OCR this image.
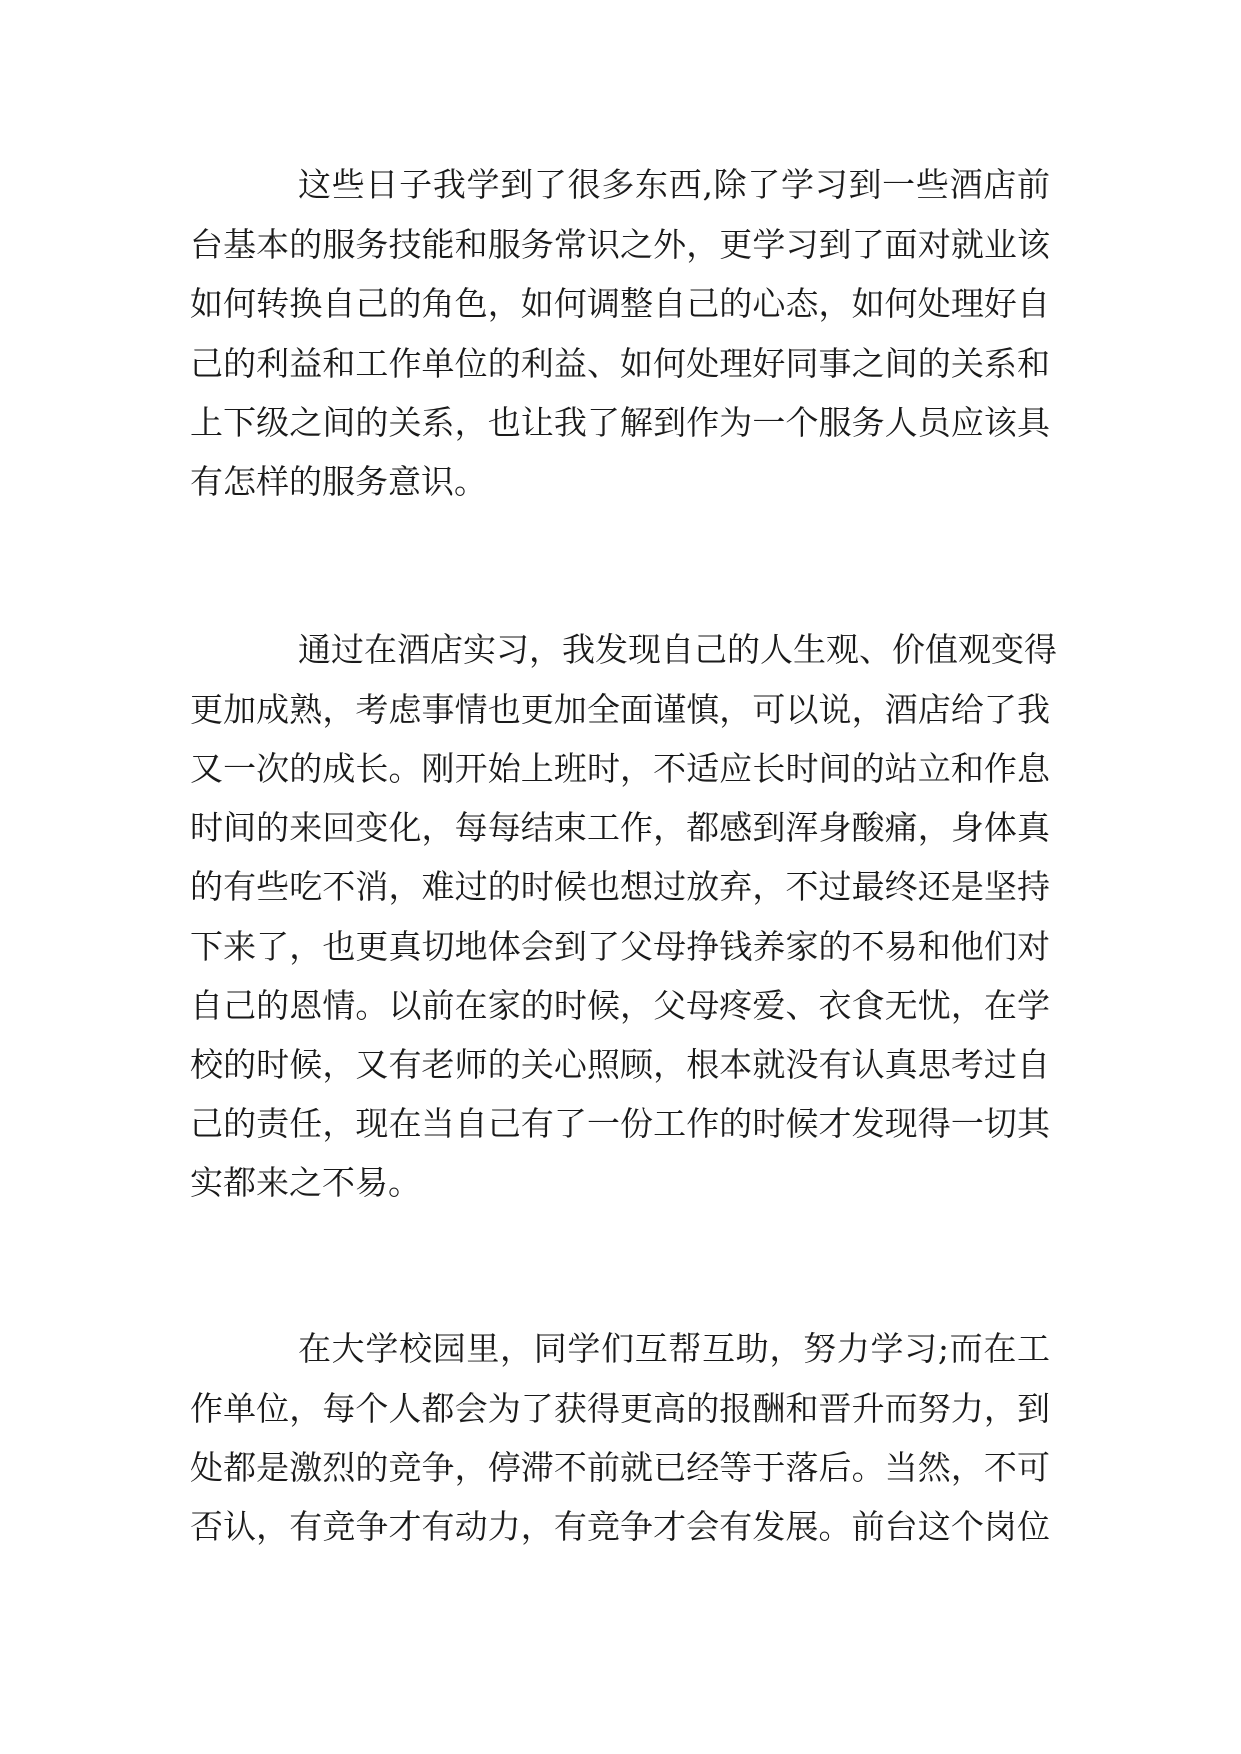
这些日子我学到了很多东西,除了学习到一些酒店前
台基本的服务技能和服务常识之外，更学习到了面对就业该
如何转换自己的角色，如何调整自己的心态，如何处理好自
己的利益和工作单位的利益、如何处理好同事之间的关系和
上下级之间的关系，也让我了解到作为一个服务人员应该具
有怎样的服务意识。
通过在酒店实习，我发现自己的人生观、价值观变得
更加成熟，考虑事情也更加全面谨慎，可以说，酒店给了我
又一次的成长。刚开始上班时，不适应长时间的站立和作息
时间的来回变化，每每结束工作，都感到浑身酸痛，身体真
的有些吃不消，难过的时候也想过放弃，不过最终还是坚持
下来了，也更真切地体会到了父母挣钱养家的不易和他们对
自己的恩情。以前在家的时候，父母疼爱、衣食无忧，在学
校的时候，又有老师的关心照顾，根本就没有认真思考过自
己的责任，现在当自己有了一份工作的时候才发现得一切其
实都来之不易。
在大学校园里，同学们互帮互助，努力学习;而在工
作单位，每个人都会为了获得更高的报酬和晋升而努力，到
处都是激烈的竞争，停滞不前就已经等于落后。当然，不可
否认，有竞争才有动力，有竞争才会有发展。前台这个岗位
